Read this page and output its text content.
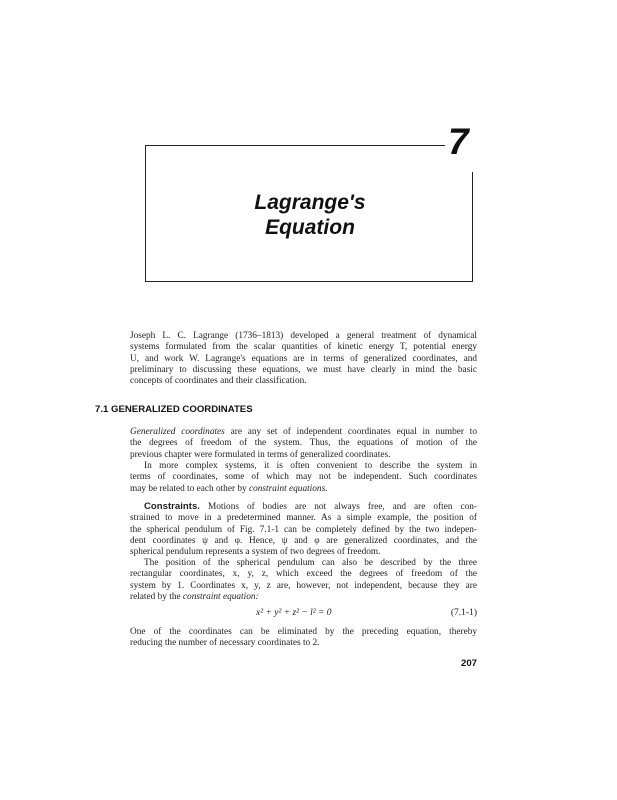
7
Lagrange's
Equation
Joseph L. C. Lagrange (1736–1813) developed a general treatment of dynamical
systems formulated from the scalar quantities of kinetic energy T, potential energy
U, and work W. Lagrange's equations are in terms of generalized coordinates, and
preliminary to discussing these equations, we must have clearly in mind the basic
concepts of coordinates and their classification.
7.1 GENERALIZED COORDINATES
Generalized coordinates are any set of independent coordinates equal in number to
the degrees of freedom of the system. Thus, the equations of motion of the
previous chapter were formulated in terms of generalized coordinates.
In more complex systems, it is often convenient to describe the system in
terms of coordinates, some of which may not be independent. Such coordinates
may be related to each other by constraint equations.
Constraints. Motions of bodies are not always free, and are often con-
strained to move in a predetermined manner. As a simple example, the position of
the spherical pendulum of Fig. 7.1-1 can be completely defined by the two indepen-
dent coordinates ψ and φ. Hence, ψ and φ are generalized coordinates, and the
spherical pendulum represents a system of two degrees of freedom.
The position of the spherical pendulum can also be described by the three
rectangular coordinates, x, y, z, which exceed the degrees of freedom of the
system by 1. Coordinates x, y, z are, however, not independent, because they are
related by the constraint equation:
x² + y² + z² − l² = 0	(7.1-1)
One of the coordinates can be eliminated by the preceding equation, thereby
reducing the number of necessary coordinates to 2.
207
